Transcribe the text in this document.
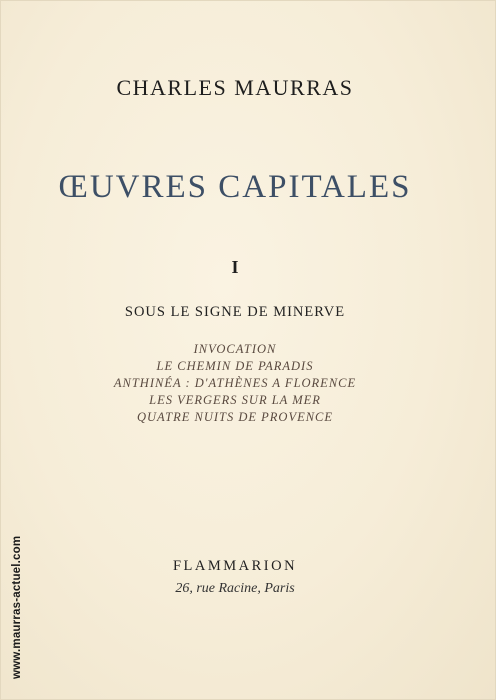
CHARLES MAURRAS
ŒUVRES CAPITALES
I
SOUS LE SIGNE DE MINERVE
INVOCATION
LE CHEMIN DE PARADIS
ANTHINÉA : D'ATHÈNES A FLORENCE
LES VERGERS SUR LA MER
QUATRE NUITS DE PROVENCE
FLAMMARION
26, rue Racine, Paris
www.maurras-actuel.com
